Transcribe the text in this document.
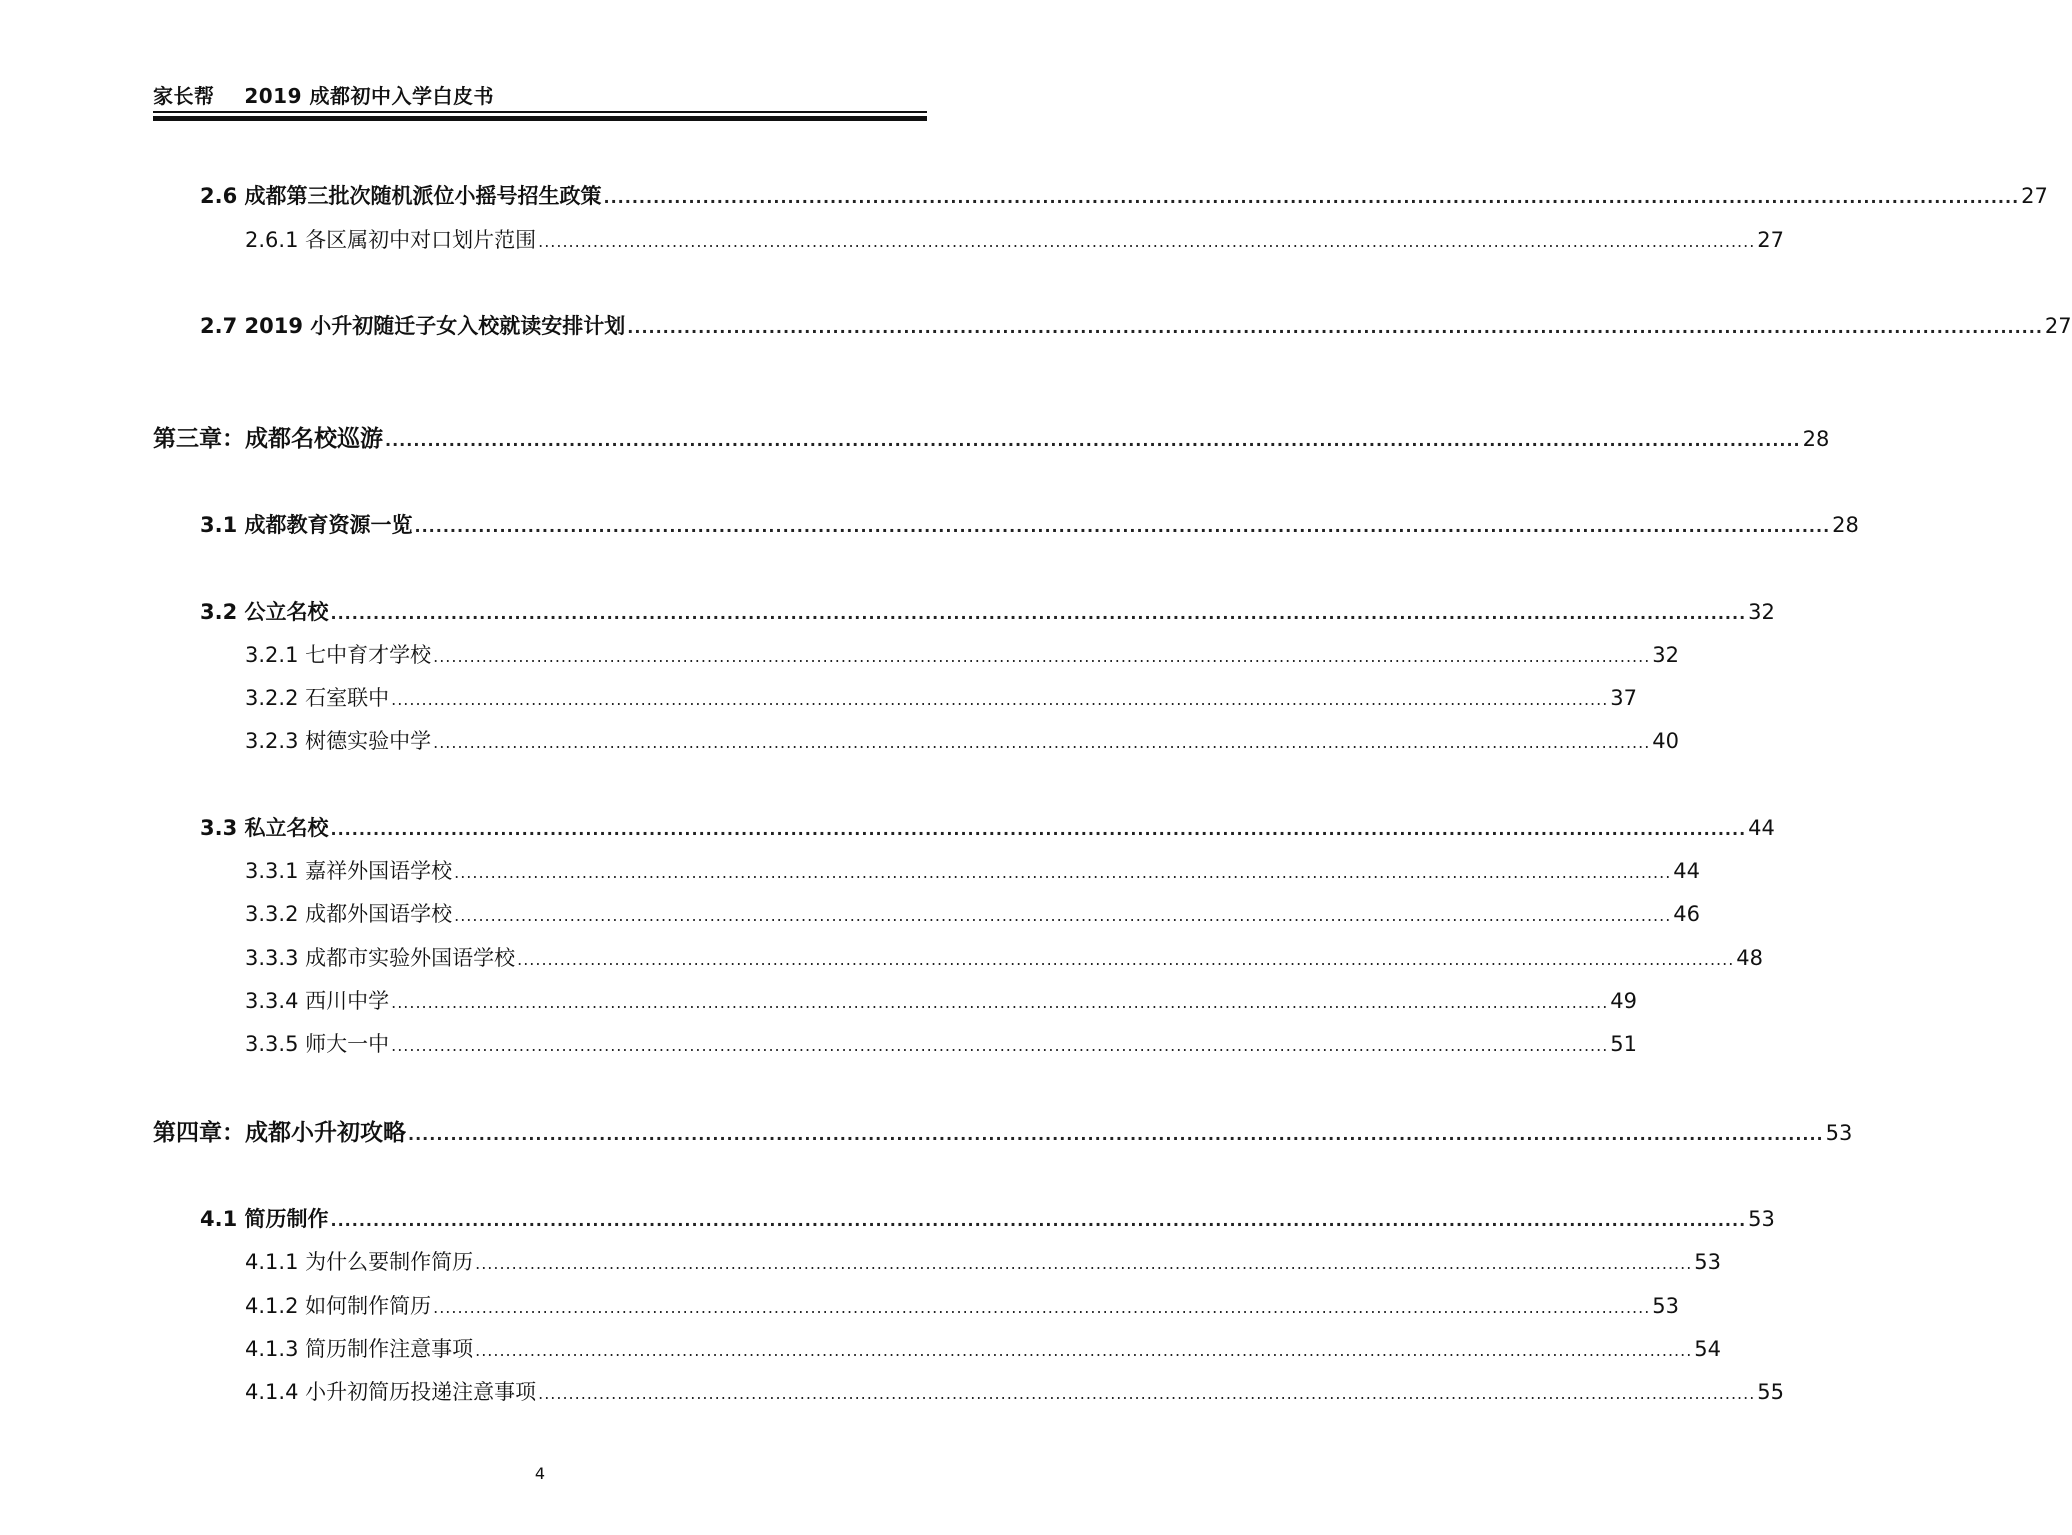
家长帮    2019 成都初中入学白皮书
2.6 成都第三批次随机派位小摇号招生政策 ........................................................................................................................................................................................................ 27
2.6.1 各区属初中对口划片范围 ........................................................................................................................................................................................................ 27
2.7 2019 小升初随迁子女入校就读安排计划 ........................................................................................................................................................................................................ 27
第三章：成都名校巡游 ........................................................................................................................................................................................................ 28
3.1 成都教育资源一览 ........................................................................................................................................................................................................ 28
3.2 公立名校 ........................................................................................................................................................................................................ 32
3.2.1 七中育才学校 ........................................................................................................................................................................................................ 32
3.2.2 石室联中 ........................................................................................................................................................................................................ 37
3.2.3 树德实验中学 ........................................................................................................................................................................................................ 40
3.3 私立名校 ........................................................................................................................................................................................................ 44
3.3.1 嘉祥外国语学校 ........................................................................................................................................................................................................ 44
3.3.2 成都外国语学校 ........................................................................................................................................................................................................ 46
3.3.3 成都市实验外国语学校 ........................................................................................................................................................................................................ 48
3.3.4 西川中学 ........................................................................................................................................................................................................ 49
3.3.5 师大一中 ........................................................................................................................................................................................................ 51
第四章：成都小升初攻略 ........................................................................................................................................................................................................ 53
4.1 简历制作 ........................................................................................................................................................................................................ 53
4.1.1 为什么要制作简历 ........................................................................................................................................................................................................ 53
4.1.2 如何制作简历 ........................................................................................................................................................................................................ 53
4.1.3 简历制作注意事项 ........................................................................................................................................................................................................ 54
4.1.4 小升初简历投递注意事项 ........................................................................................................................................................................................................ 55
4
